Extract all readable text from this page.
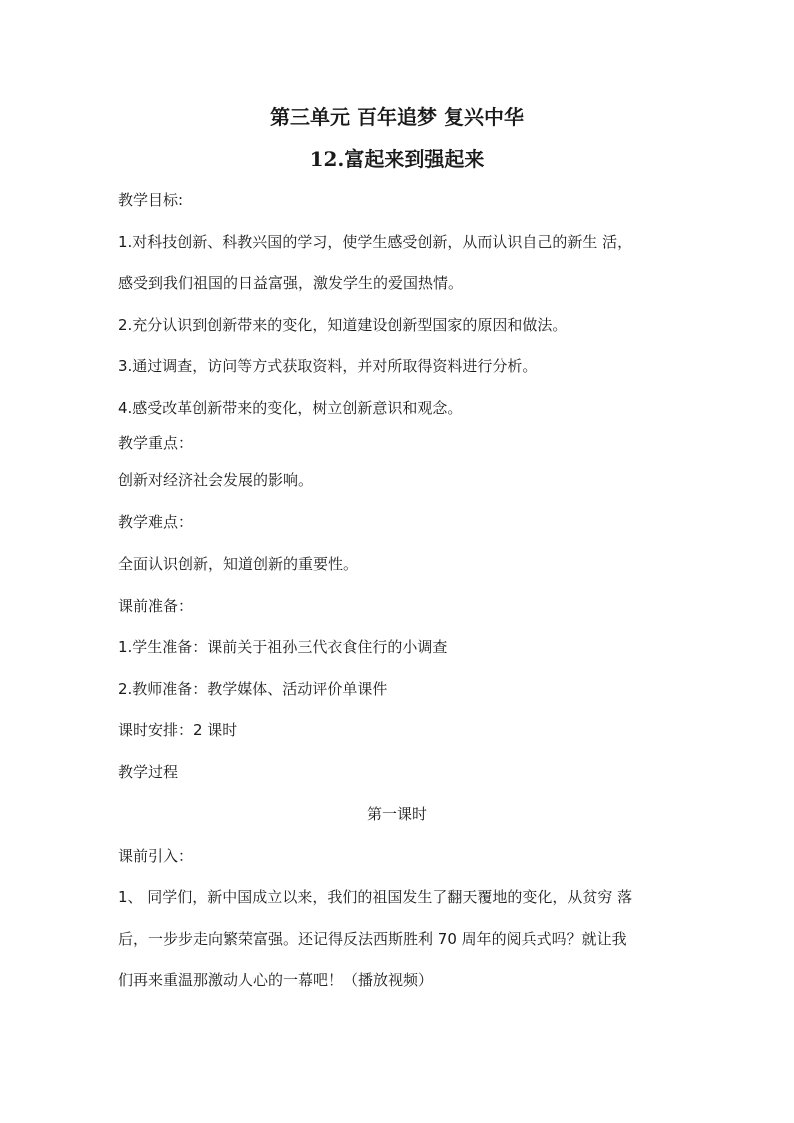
第三单元 百年追梦 复兴中华
12.富起来到强起来
教学目标:
1.对科技创新、科教兴国的学习，使学生感受创新，从而认识自己的新生 活，
感受到我们祖国的日益富强，激发学生的爱国热情。
2.充分认识到创新带来的变化，知道建设创新型国家的原因和做法。
3.通过调查，访问等方式获取资料，并对所取得资料进行分析。
4.感受改革创新带来的变化，树立创新意识和观念。
教学重点：
创新对经济社会发展的影响。
教学难点：
全面认识创新，知道创新的重要性。
课前准备：
1.学生准备：课前关于祖孙三代衣食住行的小调查
2.教师准备：教学媒体、活动评价单课件
课时安排：2 课时
教学过程
第一课时
课前引入：
1、 同学们，新中国成立以来，我们的祖国发生了翻天覆地的变化，从贫穷 落
后，一步步走向繁荣富强。还记得反法西斯胜利 70 周年的阅兵式吗？就让我
们再来重温那激动人心的一幕吧！（播放视频）
